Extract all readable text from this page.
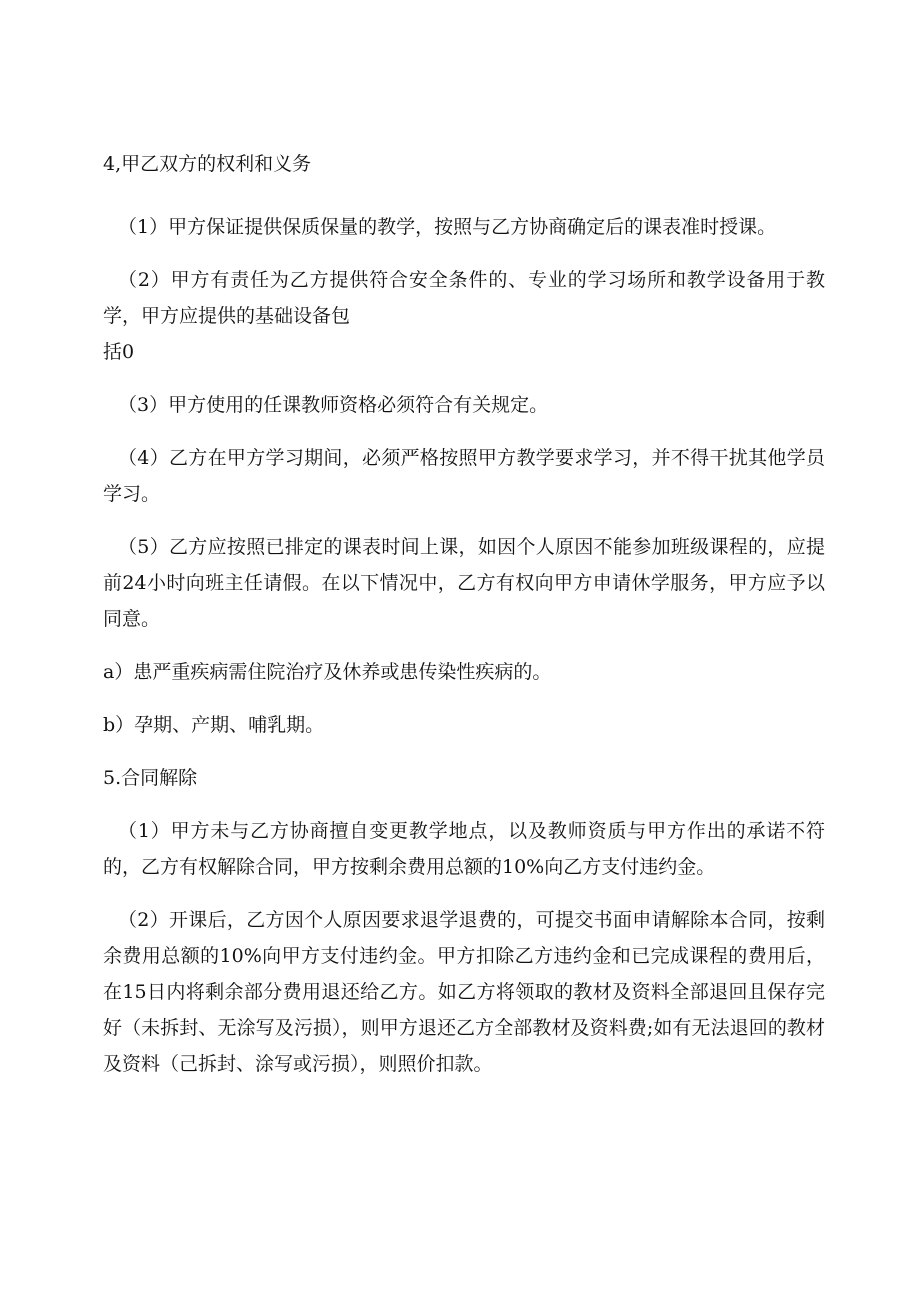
4,甲乙双方的权利和义务
（1）甲方保证提供保质保量的教学，按照与乙方协商确定后的课表准时授课。
（2）甲方有责任为乙方提供符合安全条件的、专业的学习场所和教学设备用于教学，甲方应提供的基础设备包
括0
（3）甲方使用的任课教师资格必须符合有关规定。
（4）乙方在甲方学习期间，必须严格按照甲方教学要求学习，并不得干扰其他学员学习。
（5）乙方应按照已排定的课表时间上课，如因个人原因不能参加班级课程的，应提前24小时向班主任请假。在以下情况中，乙方有权向甲方申请休学服务，甲方应予以同意。
a）患严重疾病需住院治疗及休养或患传染性疾病的。
b）孕期、产期、哺乳期。
5.合同解除
（1）甲方未与乙方协商擅自变更教学地点，以及教师资质与甲方作出的承诺不符的，乙方有权解除合同，甲方按剩余费用总额的10%向乙方支付违约金。
（2）开课后，乙方因个人原因要求退学退费的，可提交书面申请解除本合同，按剩余费用总额的10%向甲方支付违约金。甲方扣除乙方违约金和已完成课程的费用后，在15日内将剩余部分费用退还给乙方。如乙方将领取的教材及资料全部退回且保存完好（未拆封、无涂写及污损），则甲方退还乙方全部教材及资料费;如有无法退回的教材及资料（己拆封、涂写或污损），则照价扣款。
